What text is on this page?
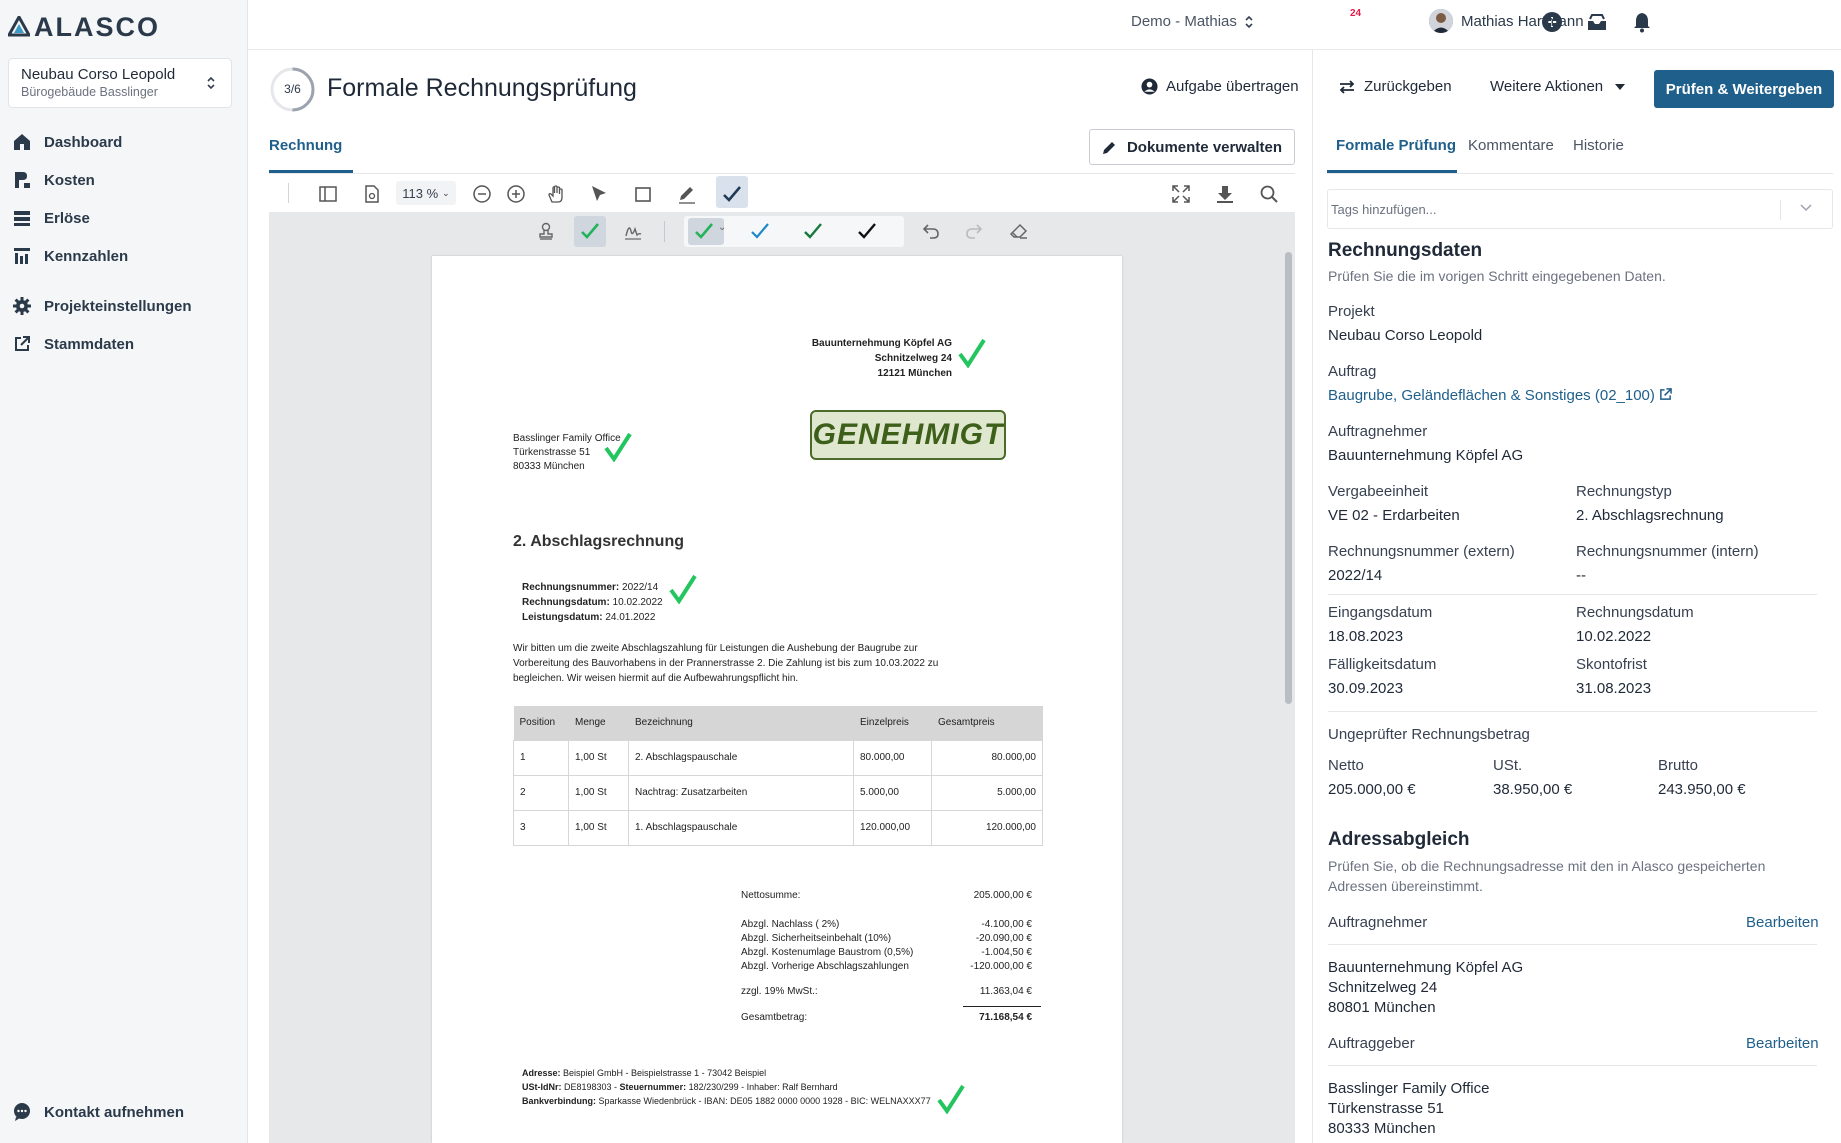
ALASCO
Neubau Corso Leopold
Bürogebäude Basslinger
Dashboard
Kosten
Erlöse
Kennzahlen
Projekteinstellungen
Stammdaten
Kontakt aufnehmen
Demo - Mathias	24	Mathias Hartmann
3/6	Formale Rechnungsprüfung	Aufgabe übertragen	Zurückgeben	Weitere Aktionen	Prüfen & Weitergeben
Rechnung	Dokumente verwalten
113 % ⌄
⌄
Bauunternehmung Köpfel AG
Schnitzelweg 24
12121 München
GENEHMIGT
Basslinger Family Office
Türkenstrasse 51
80333 München
2. Abschlagsrechnung
Rechnungsnummer: 2022/14
Rechnungsdatum: 10.02.2022
Leistungsdatum: 24.01.2022
Wir bitten um die zweite Abschlagszahlung für Leistungen die Aushebung der Baugrube zur
Vorbereitung des Bauvorhabens in der Prannerstrasse 2. Die Zahlung ist bis zum 10.03.2022 zu
begleichen. Wir weisen hiermit auf die Aufbewahrungspflicht hin.
Position	Menge	Bezeichnung	Einzelpreis	Gesamtpreis
1	1,00 St	2. Abschlagspauschale	80.000,00	80.000,00
2	1,00 St	Nachtrag: Zusatzarbeiten	5.000,00	5.000,00
3	1,00 St	1. Abschlagspauschale	120.000,00	120.000,00
Nettosumme:	205.000,00 €
Abzgl. Nachlass ( 2%)	-4.100,00 €
Abzgl. Sicherheitseinbehalt (10%)	-20.090,00 €
Abzgl. Kostenumlage Baustrom (0,5%)	-1.004,50 €
Abzgl. Vorherige Abschlagszahlungen	-120.000,00 €
zzgl. 19% MwSt.:	11.363,04 €
Gesamtbetrag:	71.168,54 €
Adresse: Beispiel GmbH - Beispielstrasse 1 - 73042 Beispiel
USt-IdNr: DE8198303 - Steuernummer: 182/230/299 - Inhaber: Ralf Bernhard
Bankverbindung: Sparkasse Wiedenbrück - IBAN: DE05 1882 0000 0000 1928 - BIC: WELNAXXX77
Formale Prüfung Kommentare Historie
Tags hinzufügen...
Rechnungsdaten
Prüfen Sie die im vorigen Schritt eingegebenen Daten.
Projekt
Neubau Corso Leopold
Auftrag
Baugrube, Geländeflächen & Sonstiges (02_100)
Auftragnehmer
Bauunternehmung Köpfel AG
Vergabeeinheit
VE 02 - Erdarbeiten
Rechnungstyp
2. Abschlagsrechnung
Rechnungsnummer (extern)
2022/14
Rechnungsnummer (intern)
--
Eingangsdatum
18.08.2023
Rechnungsdatum
10.02.2022
Fälligkeitsdatum
30.09.2023
Skontofrist
31.08.2023
Ungeprüfter Rechnungsbetrag
Netto
205.000,00 €
USt.
38.950,00 €
Brutto
243.950,00 €
Adressabgleich
Prüfen Sie, ob die Rechnungsadresse mit den in Alasco gespeicherten
Adressen übereinstimmt.
Auftragnehmer	Bearbeiten
Bauunternehmung Köpfel AG
Schnitzelweg 24
80801 München
Auftraggeber	Bearbeiten
Basslinger Family Office
Türkenstrasse 51
80333 München
